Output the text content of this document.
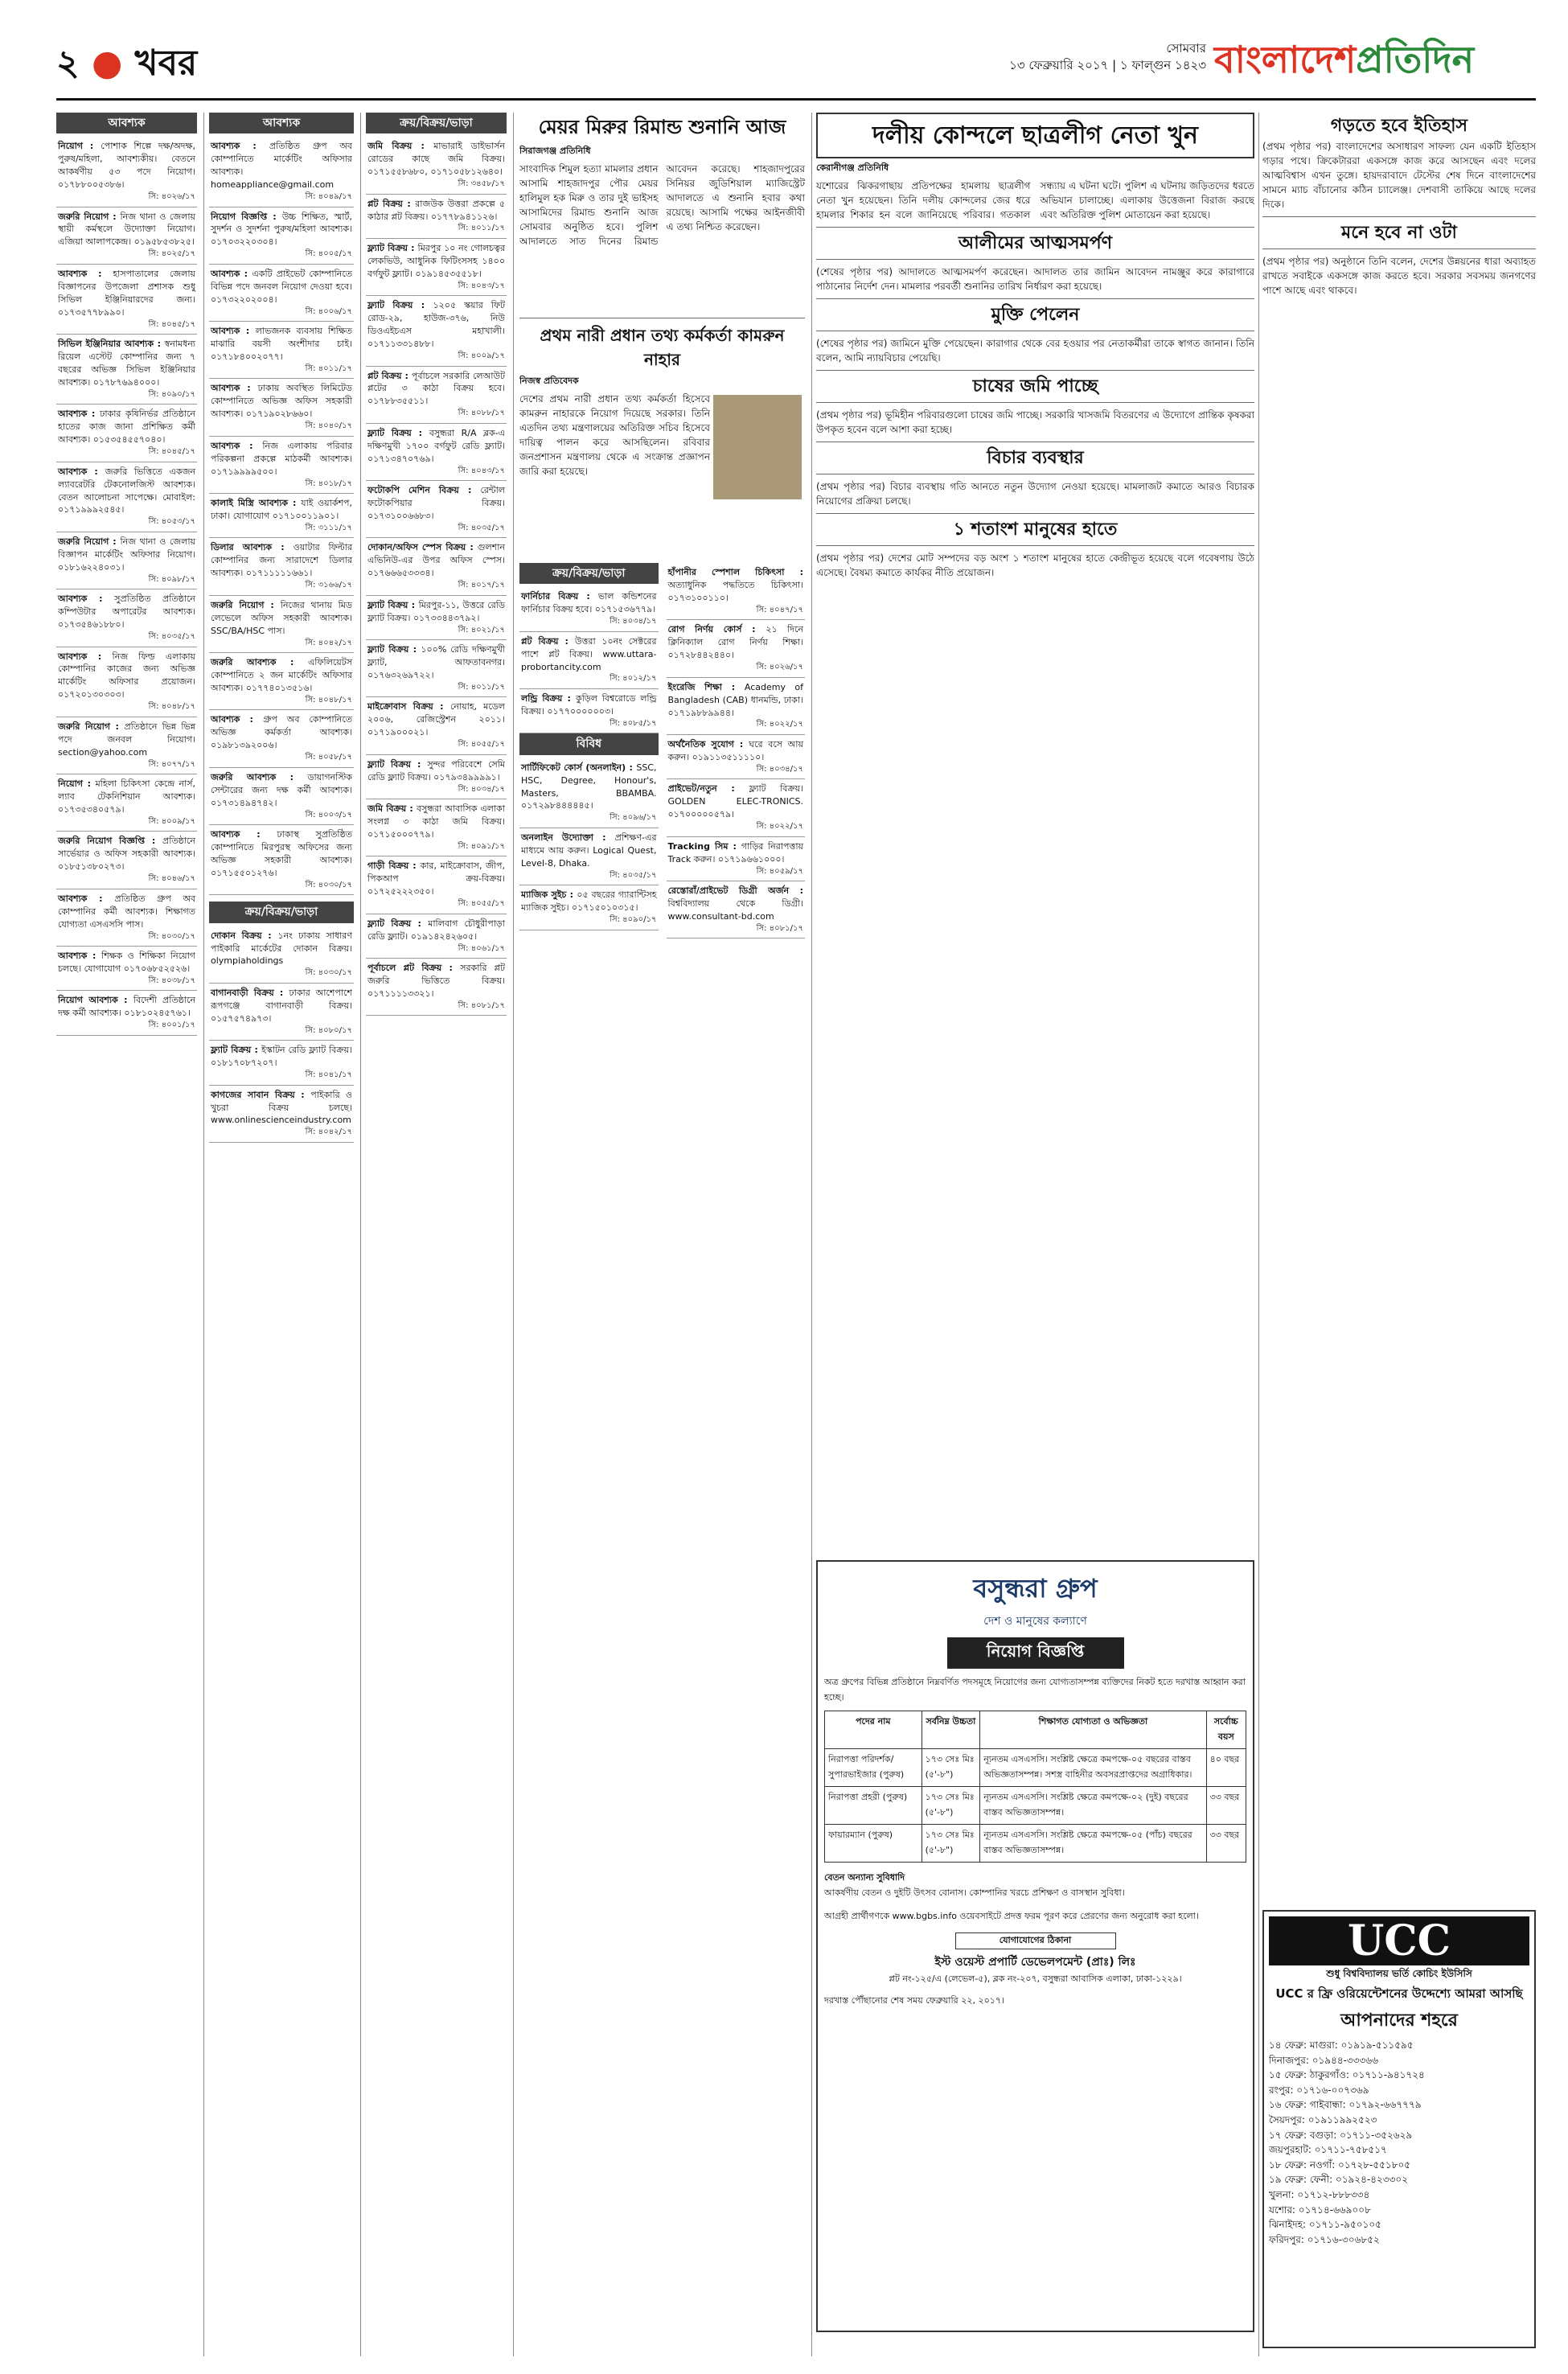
২ ● খবর	সোমবার
১৩ ফেব্রুয়ারি ২০১৭ | ১ ফাল্গুন ১৪২৩ বাংলাদেশপ্রতিদিন
আবশ্যক
নিয়োগ : পোশাক শিল্পে দক্ষ/অদক্ষ, পুরুষ/মহিলা, আবশ্যকীয়। বেতনে আকর্ষণীয় ৫৩ পদে নিয়োগ। ০১৭৮৮০০৫৩৮৬।
সি: ৪০২৬/১৭
জরুরি নিয়োগ : নিজ থানা ও জেলায় স্থায়ী কর্মস্থলে উদ্যোক্তা নিয়োগ। এজিয়া আলাপকেন্দ্র। ০১৯৫৮৫৩৮২৫।
সি: ৪০২৫/১৭
আবশ্যক : হাসপাতালের জেলায় বিজ্ঞাপনের উপজেলা প্রশাসক শুধু সিভিল ইঞ্জিনিয়ারদের জন্য। ০১৭৩৫৭৭৮৯৯০।
সি: ৪০৪৫/১৭
সিভিল ইঞ্জিনিয়ার আবশ্যক : স্বনামধন্য রিয়েল এস্টেট কোম্পানির জন্য ৭ বছরের অভিজ্ঞ সিভিল ইঞ্জিনিয়ার আবশ্যক। ০১৭৮৭৬৯৪০০০।
সি: ৪০৯০/১৭
আবশ্যক : ঢাকার কৃষিনির্ভর প্রতিষ্ঠানে হাতের কাজ জানা প্রশিক্ষিত কর্মী আবশ্যক। ০১৫৩৫৪৫৫৭০৪০।
সি: ৪০৪৫/১৭
আবশ্যক : জরুরি ভিত্তিতে একজন ল্যাবরেটরি টেকনোলজিস্ট আবশ্যক। বেতন আলোচনা সাপেক্ষে। মোবাইল: ০১৭১৯৯৯২৫৪৫।
সি: ৪০৫৩/১৭
জরুরি নিয়োগ : নিজ থানা ও জেলায় বিজ্ঞাপন মার্কেটিং অফিসার নিয়োগ। ০১৮১৬২২৪০৩১।
সি: ৪০৯৮/১৭
আবশ্যক : সুপ্রতিষ্ঠিত প্রতিষ্ঠানে কম্পিউটার অপারেটর আবশ্যক। ০১৭৩৫৪৬১৮৮০।
সি: ৪০৩৫/১৭
আবশ্যক : নিজ ফিল্ড এলাকায় কোম্পানির কাজের জন্য অভিজ্ঞ মার্কেটিং অফিসার প্রয়োজন। ০১৭২০১৩০৩০৩।
সি: ৪০৪৮/১৭
জরুরি নিয়োগ : প্রতিষ্ঠানে ভিন্ন ভিন্ন পদে জনবল নিয়োগ। section@yahoo.com
সি: ৪০৭৭/১৭
নিয়োগ : মহিলা চিকিৎসা কেন্দ্রে নার্স, ল্যাব টেকনিশিয়ান আবশ্যক। ০১৭৩৫৩৪০৫৭৯।
সি: ৪০০৯/১৭
জরুরি নিয়োগ বিজ্ঞপ্তি : প্রতিষ্ঠানে সার্ভেয়ার ও অফিস সহকারী আবশ্যক। ০১৮৫১৩৮০২৭৩।
সি: ৪০৪৬/১৭
আবশ্যক : প্রতিষ্ঠিত গ্রুপ অব কোম্পানির কর্মী আবশ্যক। শিক্ষাগত যোগ্যতা এসএসসি পাস।
সি: ৪০৩০/১৭
আবশ্যক : শিক্ষক ও শিক্ষিকা নিয়োগ চলছে। যোগাযোগ ০১৭০৬৮৫২৫২৬।
সি: ৪০৩৮/১৭
নিয়োগ আবশ্যক : বিদেশী প্রতিষ্ঠানে দক্ষ কর্মী আবশ্যক। ০১৮১০২৪৫৭৬১।
সি: ৪০০১/১৭
আবশ্যক
আবশ্যক : প্রতিষ্ঠিত গ্রুপ অব কোম্পানিতে মার্কেটিং অফিসার আবশ্যক। homeappliance@gmail.com
সি: ৪০৪৯/১৭
নিয়োগ বিজ্ঞপ্তি : উচ্চ শিক্ষিত, স্মার্ট, সুদর্শন ও সুদর্শনা পুরুষ/মহিলা আবশ্যক। ০১৭০৩২২০৩০৪।
সি: ৪০০৫/১৭
আবশ্যক : একটি প্রাইভেট কোম্পানিতে বিভিন্ন পদে জনবল নিয়োগ দেওয়া হবে। ০১৭৩২২০২০০৪।
সি: ৪০০৬/১৭
আবশ্যক : লাভজনক ব্যবসায় শিক্ষিত মাঝারি বয়সী অংশীদার চাই। ০১৭১৮৪০০২০৭৭।
সি: ৪০১১/১৭
আবশ্যক : ঢাকায় অবস্থিত লিমিটেড কোম্পানিতে অভিজ্ঞ অফিস সহকারী আবশ্যক। ০১৭১৯০২৮৬৬০।
সি: ৪০৪০/১৭
আবশ্যক : নিজ এলাকায় পরিবার পরিকল্পনা প্রকল্পে মাঠকর্মী আবশ্যক। ০১৭১৯৯৯৯৫০০।
সি: ৪০১৮/১৭
কালাই মিস্ত্রি আবশ্যক : যাই ওয়ার্কশপ, ঢাকা। যোগাযোগ ০১৭১০০১১৯০১।
সি: ৩১১১/১৭
ডিলার আবশ্যক : ওয়াটার ফিল্টার কোম্পানির জন্য সারাদেশে ডিলার আবশ্যক। ০১৭১১১১১৬৬১।
সি: ৩১৬৬/১৭
জরুরি নিয়োগ : নিজের থানায় মিড লেভেলে অফিস সহকারী আবশ্যক। SSC/BA/HSC পাস।
সি: ৪০৪২/১৭
জরুরি আবশ্যক : এফিলিয়েটস কোম্পানিতে ২ জন মার্কেটিং অফিসার আবশ্যক। ০১৭৭৪০১৩৫১৬।
সি: ৪০৪৮/১৭
আবশ্যক : গ্রুপ অব কোম্পানিতে অভিজ্ঞ কর্মকর্তা আবশ্যক। ০১৯৮১৩৯২০০৬।
সি: ৪০৫৮/১৭
জরুরি আবশ্যক : ডায়াগনস্টিক সেন্টারের জন্য দক্ষ কর্মী আবশ্যক। ০১৭৩১৪৯৪৭৪২।
সি: ৪০০৩/১৭
আবশ্যক : ঢাকাস্থ সুপ্রতিষ্ঠিত কোম্পানিতে মিরপুরস্থ অফিসের জন্য অভিজ্ঞ সহকারী আবশ্যক। ০১৭১৫৫০১২৭৬।
সি: ৪০৩০/১৭
ক্রয়/বিক্রয়/ভাড়া
দোকান বিক্রয় : ১নং ঢাকায় সাধারণ পাইকারি মার্কেটের দোকান বিক্রয়। olympiaholdings
সি: ৪০৩০/১৭
বাগানবাড়ী বিক্রয় : ঢাকার আশেপাশে রূপগঞ্জে বাগানবাড়ী বিক্রয়। ০১৫৭৫৭৪৯৭৩।
সি: ৪০৮০/১৭
ফ্ল্যাট বিক্রয় : ইস্কাটন রেডি ফ্ল্যাট বিক্রয়। ০১৮১৭০৮৭২০৭।
সি: ৪০৪১/১৭
কাগজের সাবান বিক্রয় : পাইকারি ও খুচরা বিক্রয় চলছে। www.onlinescienceindustry.com
সি: ৪০৪২/১৭
ক্রয়/বিক্রয়/ভাড়া
জমি বিক্রয় : মাভারাই ডাইভার্সন রোডের কাছে জমি বিক্রয়। ০১৭১৫৫৮৬৮০, ০১৭১০৫৮১২৬৪০।
সি: ৩৪৫৮/১৭
প্লট বিক্রয় : রাজউক উত্তরা প্রকল্পে ৫ কাঠার প্লট বিক্রয়। ০১৭৭৮৯৪১১২৬।
সি: ৪০১১/১৭
ফ্ল্যাট বিক্রয় : মিরপুর ১০ নং গোলচত্বর লেকভিউ, আধুনিক ফিটিংসসহ ১৪০০ বর্গফুট ফ্ল্যাট। ০১৯১৪৫৩৫৫১৮।
সি: ৪০৪৩/১৭
ফ্ল্যাট বিক্রয় : ১২০৫ স্কয়ার ফিট রোড-২৯, হাউজ-৩৭৬, নিউ ডিওএইচএস মহাখালী। ০১৭১১৩৩১৪৮৮।
সি: ৪০০৯/১৭
প্লট বিক্রয় : পূর্বাচলে সরকারি লেআউট প্লটের ৩ কাঠা বিক্রয় হবে। ০১৭৮৮৩৫৫১১।
সি: ৪০৮৮/১৭
ফ্ল্যাট বিক্রয় : বসুন্ধরা R/A ব্লক-এ দক্ষিণমুখী ১৭০০ বর্গফুট রেডি ফ্ল্যাট। ০১৭১৩৪৭০৭৬৯।
সি: ৪০৪৩/১৭
ফটোকপি মেশিন বিক্রয় : রেন্টাল ফটোকপিয়ার বিক্রয়। ০১৭৩১০০৬৬৮৩।
সি: ৪০৩৫/১৭
দোকান/অফিস স্পেস বিক্রয় : গুলশান এভিনিউ-এর উপর অফিস স্পেস। ০১৭৬৬৬৫৩৩৩৪।
সি: ৪০১৭/১৭
ফ্ল্যাট বিক্রয় : মিরপুর-১১, উত্তরে রেডি ফ্ল্যাট বিক্রয়। ০১৭৩৩৪৪৩৭৯২।
সি: ৪০২১/১৭
ফ্ল্যাট বিক্রয় : ১০০% রেডি দক্ষিণমুখী ফ্ল্যাট, আফতাবনগর। ০১৭৬৩২৬৯৭২২।
সি: ৪০১১/১৭
মাইক্রোবাস বিক্রয় : নোয়াহ, মডেল ২০০৬, রেজিস্ট্রেশন ২০১১। ০১৭১৯০০০২১।
সি: ৪০৫৫/১৭
ফ্ল্যাট বিক্রয় : সুন্দর পরিবেশে সেমি রেডি ফ্ল্যাট বিক্রয়। ০১৭৯৩৪৯৯৯৯১।
সি: ৪০৩৪/১৭
জমি বিক্রয় : বসুন্ধরা আবাসিক এলাকা সংলগ্ন ৩ কাঠা জমি বিক্রয়। ০১৭১৫০০০৭৭৯।
সি: ৪০৯১/১৭
গাড়ী বিক্রয় : কার, মাইক্রোবাস, জীপ, পিকআপ ক্রয়-বিক্রয়। ০১৭২৫২২২৩৫০।
সি: ৪০৫৫/১৭
ফ্ল্যাট বিক্রয় : মালিবাগ চৌধুরীপাড়া রেডি ফ্ল্যাট। ০১৯১৪২৪২৬০৫।
সি: ৪০৬১/১৭
পূর্বাচলে প্লট বিক্রয় : সরকারি প্লট জরুরি ভিত্তিতে বিক্রয়। ০১৭১১১১৩৩২১।
সি: ৪০৮১/১৭
মেয়র মিরুর রিমান্ড শুনানি আজ
সিরাজগঞ্জ প্রতিনিধি
সাংবাদিক শিমুল হত্যা মামলার প্রধান আসামি শাহজাদপুর পৌর মেয়র হালিমুল হক মিরু ও তার দুই ভাইসহ আসামিদের রিমান্ড শুনানি আজ সোমবার অনুষ্ঠিত হবে। পুলিশ আদালতে সাত দিনের রিমান্ড আবেদন করেছে। শাহজাদপুরের সিনিয়র জুডিশিয়াল ম্যাজিস্ট্রেট আদালতে এ শুনানি হবার কথা রয়েছে। আসামি পক্ষের আইনজীবী এ তথ্য নিশ্চিত করেছেন।
প্রথম নারী প্রধান তথ্য কর্মকর্তা কামরুন নাহার
নিজস্ব প্রতিবেদক
দেশের প্রথম নারী প্রধান তথ্য কর্মকর্তা হিসেবে কামরুন নাহারকে নিয়োগ দিয়েছে সরকার। তিনি এতদিন তথ্য মন্ত্রণালয়ের অতিরিক্ত সচিব হিসেবে দায়িত্ব পালন করে আসছিলেন। রবিবার জনপ্রশাসন মন্ত্রণালয় থেকে এ সংক্রান্ত প্রজ্ঞাপন জারি করা হয়েছে।
ক্রয়/বিক্রয়/ভাড়া
ফার্নিচার বিক্রয় : ভাল কন্ডিশনের ফার্নিচার বিক্রয় হবে। ০১৭১৫৩৬৭৭৯।
সি: ৪০৩৪/১৭
প্লট বিক্রয় : উত্তরা ১০নং সেক্টরের পাশে প্লট বিক্রয়। www.uttara-probortancity.com
সি: ৪০১২/১৭
লন্ড্রি বিক্রয় : কুড়িল বিশ্বরোডে লন্ড্রি বিক্রয়। ০১৭৭০০০০০০৩।
সি: ৪০৮৫/১৭
বিবিধ
সার্টিফিকেট কোর্স (অনলাইন) : SSC, HSC, Degree, Honour's, Masters, BBAMBA. ০১৭২৯৮৪৪৪৪৪৫।
সি: ৪০৯৬/১৭
অনলাইন উদ্যোক্তা : প্রশিক্ষণ-এর মাধ্যমে আয় করুন। Logical Quest, Level-8, Dhaka.
সি: ৪০৩৫/১৭
ম্যাজিক সুইচ : ০৫ বছরের গ্যারান্টিসহ ম্যাজিক সুইচ। ০১৭১৫০১০৩১৫।
সি: ৪০৯০/১৭
হাঁপানীর স্পেশাল চিকিৎসা : অত্যাধুনিক পদ্ধতিতে চিকিৎসা। ০১৭৩১০০১১০।
সি: ৪০৪৭/১৭
রোগ নির্ণয় কোর্স : ২১ দিনে ক্লিনিক্যাল রোগ নির্ণয় শিক্ষা। ০১৭২৮৪৪২৪৪০।
সি: ৪০২৬/১৭
ইংরেজি শিক্ষা : Academy of Bangladesh (CAB) ধানমন্ডি, ঢাকা। ০১৭১৯৮৮৯৯৪৪।
সি: ৪০২২/১৭
অর্থনৈতিক সুযোগ : ঘরে বসে আয় করুন। ০১৯১১৩৫১১১১০।
সি: ৪০৩৪/১৭
প্রাইভেট/নতুন : ফ্ল্যাট বিক্রয়। GOLDEN ELEC-TRONICS. ০১৭০০০০০৫৭৯।
সি: ৪০২২/১৭
Tracking সিম : গাড়ির নিরাপত্তায় Track করুন। ০১৭১৯৬৬১০০০।
সি: ৪০৫৯/১৭
রেস্তোরাঁ/প্রাইভেট ডিগ্রী অর্জন : বিশ্ববিদ্যালয় থেকে ডিগ্রী। www.consultant-bd.com
সি: ৪০৮১/১৭
দলীয় কোন্দলে ছাত্রলীগ নেতা খুন
কেরানীগঞ্জ প্রতিনিধি
যশোরের ঝিকরগাছায় প্রতিপক্ষের হামলায় ছাত্রলীগ নেতা খুন হয়েছেন। তিনি দলীয় কোন্দলের জের ধরে হামলার শিকার হন বলে জানিয়েছে পরিবার। গতকাল সন্ধ্যায় এ ঘটনা ঘটে। পুলিশ এ ঘটনায় জড়িতদের ধরতে অভিযান চালাচ্ছে। এলাকায় উত্তেজনা বিরাজ করছে এবং অতিরিক্ত পুলিশ মোতায়েন করা হয়েছে।
আলীমের আত্মসমর্পণ
(শেষের পৃষ্ঠার পর) আদালতে আত্মসমর্পণ করেছেন। আদালত তার জামিন আবেদন নামঞ্জুর করে কারাগারে পাঠানোর নির্দেশ দেন। মামলার পরবর্তী শুনানির তারিখ নির্ধারণ করা হয়েছে।
মুক্তি পেলেন
(শেষের পৃষ্ঠার পর) জামিনে মুক্তি পেয়েছেন। কারাগার থেকে বের হওয়ার পর নেতাকর্মীরা তাকে স্বাগত জানান। তিনি বলেন, আমি ন্যায়বিচার পেয়েছি।
চাষের জমি পাচ্ছে
(প্রথম পৃষ্ঠার পর) ভূমিহীন পরিবারগুলো চাষের জমি পাচ্ছে। সরকারি খাসজমি বিতরণের এ উদ্যোগে প্রান্তিক কৃষকরা উপকৃত হবেন বলে আশা করা হচ্ছে।
বিচার ব্যবস্থার
(প্রথম পৃষ্ঠার পর) বিচার ব্যবস্থায় গতি আনতে নতুন উদ্যোগ নেওয়া হয়েছে। মামলাজট কমাতে আরও বিচারক নিয়োগের প্রক্রিয়া চলছে।
১ শতাংশ মানুষের হাতে
(প্রথম পৃষ্ঠার পর) দেশের মোট সম্পদের বড় অংশ ১ শতাংশ মানুষের হাতে কেন্দ্রীভূত হয়েছে বলে গবেষণায় উঠে এসেছে। বৈষম্য কমাতে কার্যকর নীতি প্রয়োজন।
বসুন্ধরা গ্রুপ
দেশ ও মানুষের কল্যাণে
নিয়োগ বিজ্ঞপ্তি
অত্র গ্রুপের বিভিন্ন প্রতিষ্ঠানে নিম্নবর্ণিত পদসমূহে নিয়োগের জন্য যোগ্যতাসম্পন্ন ব্যক্তিদের নিকট হতে দরখাস্ত আহ্বান করা হচ্ছে।
পদের নাম	সর্বনিম্ন উচ্চতা	শিক্ষাগত যোগ্যতা ও অভিজ্ঞতা	সর্বোচ্চ বয়স
নিরাপত্তা পরিদর্শক/সুপারভাইজার (পুরুষ)	১৭৩ সেঃ মিঃ (৫'-৮")	ন্যূনতম এসএসসি। সংশ্লিষ্ট ক্ষেত্রে কমপক্ষে-০৫ বছরের বাস্তব অভিজ্ঞতাসম্পন্ন। সশস্ত্র বাহিনীর অবসরপ্রাপ্তদের অগ্রাধিকার।	৪০ বছর
নিরাপত্তা প্রহরী (পুরুষ)	১৭৩ সেঃ মিঃ (৫'-৮")	ন্যূনতম এসএসসি। সংশ্লিষ্ট ক্ষেত্রে কমপক্ষে-০২ (দুই) বছরের বাস্তব অভিজ্ঞতাসম্পন্ন।	৩৩ বছর
ফায়ারম্যান (পুরুষ)	১৭৩ সেঃ মিঃ (৫'-৮")	ন্যূনতম এসএসসি। সংশ্লিষ্ট ক্ষেত্রে কমপক্ষে-০৫ (পাঁচ) বছরের বাস্তব অভিজ্ঞতাসম্পন্ন।	৩৩ বছর
বেতন অন্যান্য সুবিধাদি
আকর্ষণীয় বেতন ও দুইটি উৎসব বোনাস। কোম্পানির খরচে প্রশিক্ষণ ও বাসস্থান সুবিধা।
আগ্রহী প্রার্থীগণকে www.bgbs.info ওয়েবসাইটে প্রদত্ত ফরম পূরণ করে প্রেরণের জন্য অনুরোধ করা হলো।
যোগাযোগের ঠিকানা
ইস্ট ওয়েস্ট প্রপার্টি ডেভেলপমেন্ট (প্রাঃ) লিঃ
প্লট নং-১২৫/এ (লেভেল-৫), ব্লক নং-২০৭, বসুন্ধরা আবাসিক এলাকা, ঢাকা-১২২৯।
দরখাস্ত পৌঁছানোর শেষ সময় ফেব্রুয়ারি ২২, ২০১৭।
গড়তে হবে ইতিহাস
(প্রথম পৃষ্ঠার পর) বাংলাদেশের অসাধারণ সাফল্য যেন একটি ইতিহাস গড়ার পথে। ক্রিকেটাররা একসঙ্গে কাজ করে আসছেন এবং দলের আত্মবিশ্বাস এখন তুঙ্গে। হায়দরাবাদে টেস্টের শেষ দিনে বাংলাদেশের সামনে ম্যাচ বাঁচানোর কঠিন চ্যালেঞ্জ। দেশবাসী তাকিয়ে আছে দলের দিকে।
মনে হবে না ওটা
(প্রথম পৃষ্ঠার পর) অনুষ্ঠানে তিনি বলেন, দেশের উন্নয়নের ধারা অব্যাহত রাখতে সবাইকে একসঙ্গে কাজ করতে হবে। সরকার সবসময় জনগণের পাশে আছে এবং থাকবে।
UCC
শুধু বিশ্ববিদ্যালয় ভর্তি কোচিং ইউসিসি
UCC র ফ্রি ওরিয়েন্টেশনের উদ্দেশ্যে আমরা আসছি
আপনাদের শহরে
১৪ ফেব্রু: মাগুরা: ০১৯১৯-৫১১৫৯৫
দিনাজপুর: ০১৯৪৪-৩৩৩৬৬
১৫ ফেব্রু: ঠাকুরগাঁও: ০১৭১১-৯৪১৭২৪
রংপুর: ০১৭১৬-০০৭৩৬৯
১৬ ফেব্রু: গাইবান্ধা: ০১৭৯২-৬৬৭৭৭৯
সৈয়দপুর: ০১৯১১৯৯২৫২৩
১৭ ফেব্রু: বগুড়া: ০১৭১১-৩৫২৬২৯
জয়পুরহাট: ০১৭১১-৭৫৮৫১৭
১৮ ফেব্রু: নওগাঁ: ০১৭২৮-৫৫১৮০৫
১৯ ফেব্রু: ফেনী: ০১৯২৪-৪২৩৩০২
খুলনা: ০১৭১২-৮৮৮৩৩৪
যশোর: ০১৭১৪-৬৬৯০০৮
ঝিনাইদহ: ০১৭১১-৯৫০১০৫
ফরিদপুর: ০১৭১৬-৩০৬৮৫২
